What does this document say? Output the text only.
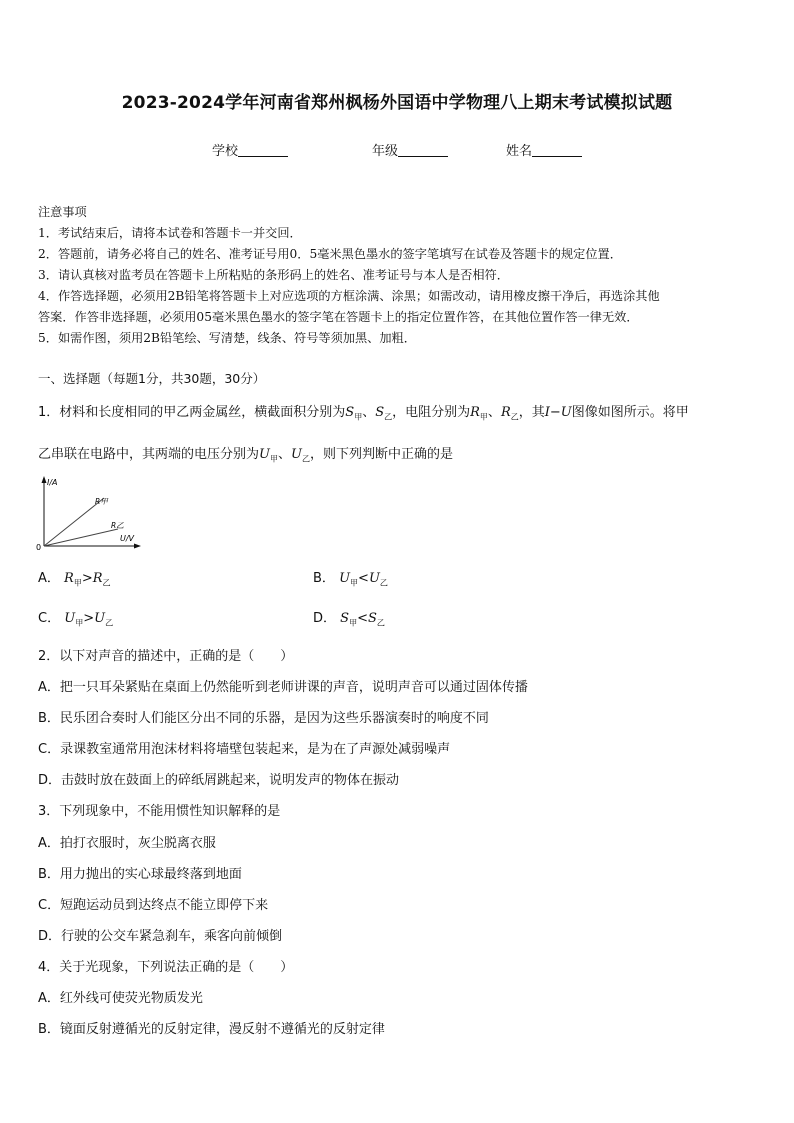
2023-2024学年河南省郑州枫杨外国语中学物理八上期末考试模拟试题
学校	年级	姓名
注意事项
1．考试结束后，请将本试卷和答题卡一并交回．
2．答题前，请务必将自己的姓名、准考证号用0．5毫米黑色墨水的签字笔填写在试卷及答题卡的规定位置．
3．请认真核对监考员在答题卡上所粘贴的条形码上的姓名、准考证号与本人是否相符．
4．作答选择题，必须用2B铅笔将答题卡上对应选项的方框涂满、涂黑；如需改动，请用橡皮擦干净后，再选涂其他
答案．作答非选择题，必须用05毫米黑色墨水的签字笔在答题卡上的指定位置作答，在其他位置作答一律无效．
5．如需作图，须用2B铅笔绘、写清楚，线条、符号等须加黑、加粗．
一、选择题（每题1分，共30题，30分）
1．材料和长度相同的甲乙两金属丝，横截面积分别为$S_甲$、$S_乙$，电阻分别为$R_甲$、$R_乙$，其I−U图像如图所示。将甲
乙串联在电路中，其两端的电压分别为$U_甲$、$U_乙$，则下列判断中正确的是
I/A
U/V
0
R甲
R乙
A． $R_甲>R_乙$	B． $U_甲<U_乙$
C． $U_甲>U_乙$	D． $S_甲<S_乙$
2．以下对声音的描述中，正确的是（　　）
A．把一只耳朵紧贴在桌面上仍然能听到老师讲课的声音，说明声音可以通过固体传播
B．民乐团合奏时人们能区分出不同的乐器，是因为这些乐器演奏时的响度不同
C．录课教室通常用泡沫材料将墙壁包装起来，是为在了声源处减弱噪声
D．击鼓时放在鼓面上的碎纸屑跳起来，说明发声的物体在振动
3．下列现象中，不能用惯性知识解释的是
A．拍打衣服时，灰尘脱离衣服
B．用力抛出的实心球最终落到地面
C．短跑运动员到达终点不能立即停下来
D．行驶的公交车紧急刹车，乘客向前倾倒
4．关于光现象，下列说法正确的是（　　）
A．红外线可使荧光物质发光
B．镜面反射遵循光的反射定律，漫反射不遵循光的反射定律
